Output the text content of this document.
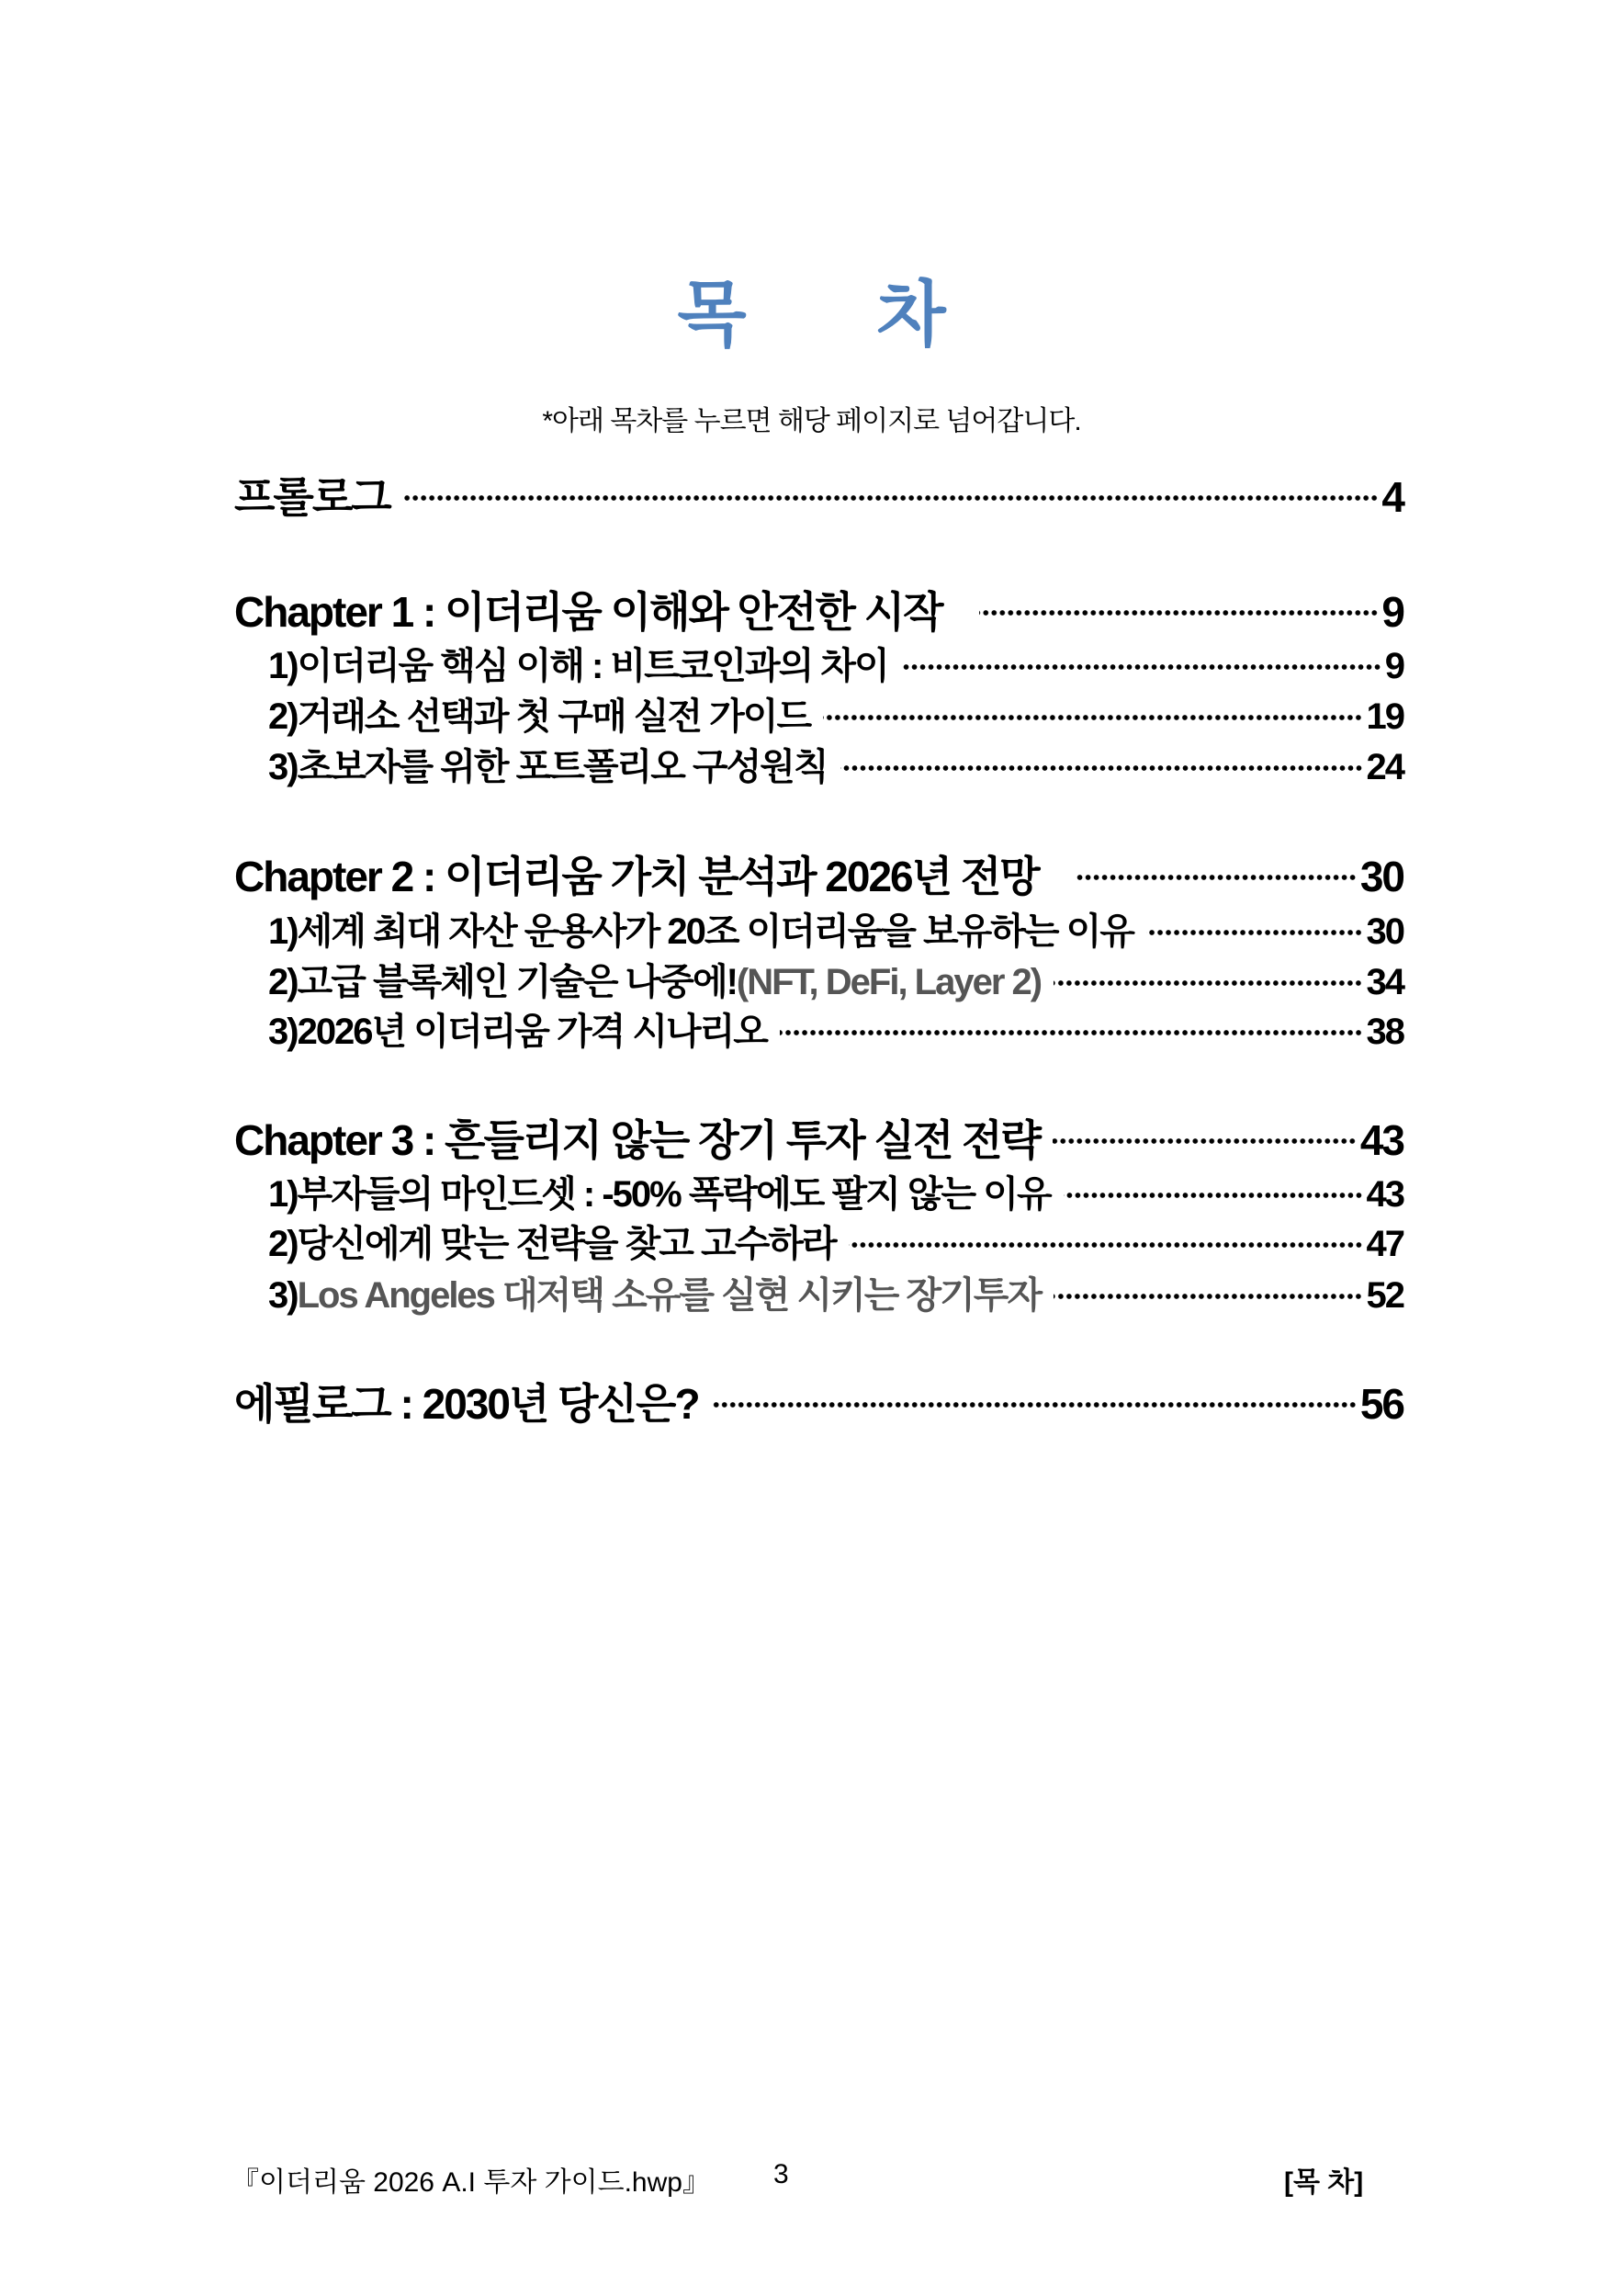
목 차
*아래 목차를 누르면 해당 페이지로 넘어갑니다.
프롤로그	4
Chapter 1 : 이더리움 이해와 안전한 시작	9
1)이더리움 핵심 이해 : 비트코인과의 차이	9
2)거래소 선택과 첫 구매 실전 가이드	19
3)초보자를 위한 포트폴리오 구성원칙	24
Chapter 2 : 이더리움 가치 분석과 2026년 전망	30
1)세계 최대 자산 운용사가 20조 이더리움을 보유하는 이유	30
2)고급 블록체인 기술은 나중에! (NFT, DeFi, Layer 2)	34
3)2026년 이더리움 가격 시나리오	38
Chapter 3 : 흔들리지 않는 장기 투자 실전 전략	43
1)부자들의 마인드셋 : -50% 폭락에도 팔지 않는 이유	43
2)당신에게 맞는 전략을 찾고 고수하라	47
3) Los Angeles 대저택 소유를 실현 시키는 장기투자	52
에필로그 : 2030년 당신은?	56
『이더리움 2026 A.I 투자 가이드.hwp』 3	[목 차]
